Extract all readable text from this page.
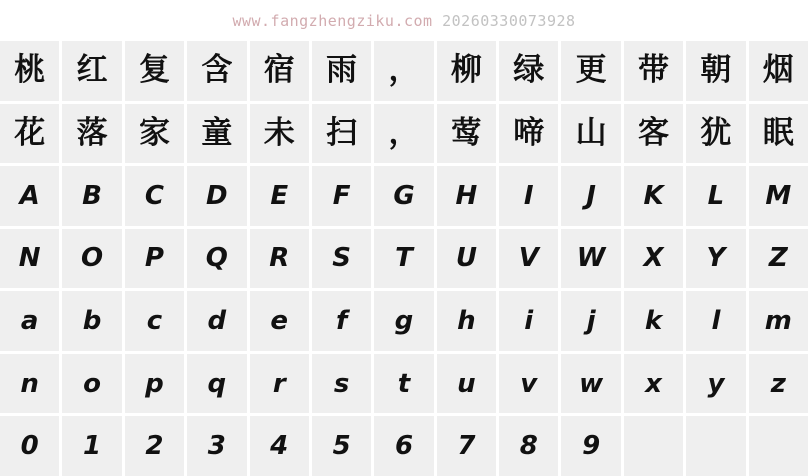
www.fangzhengziku.com
20260330073928
桃 红 复 含 宿 雨 ， 柳 绿 更 带 朝 烟
花 落 家 童 未 扫 ， 莺 啼 山 客 犹 眠
A B C D E F G H I J K L M
N O P Q R S T U V W X Y Z
a b c d e f g h i j k l m
n o p q r s t u v w x y z
0 1 2 3 4 5 6 7 8 9
